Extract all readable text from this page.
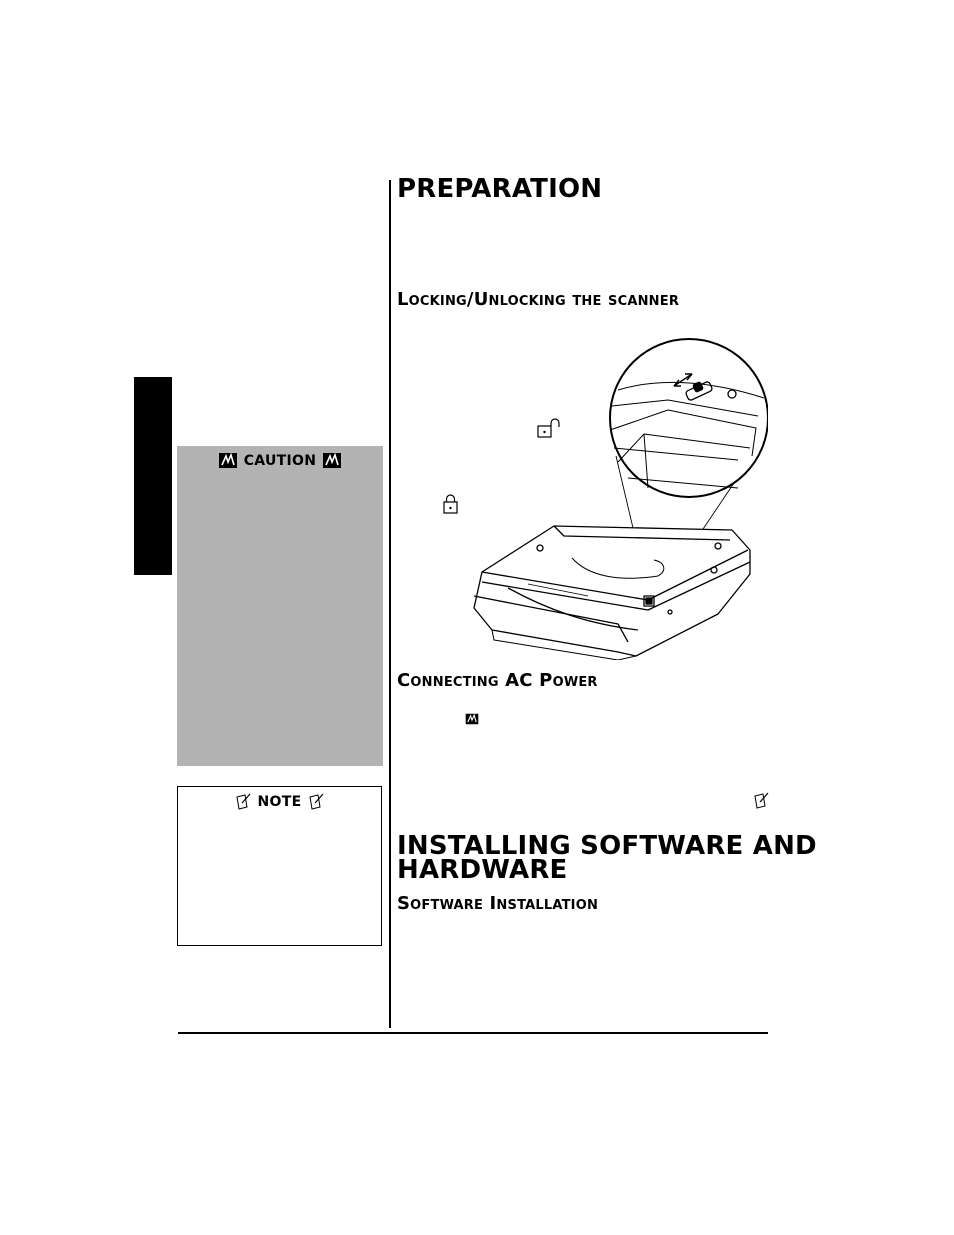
CAUTION
NOTE
PREPARATION
Locking/Unlocking the scanner
Connecting AC Power
INSTALLING SOFTWARE AND
HARDWARE
Software Installation
